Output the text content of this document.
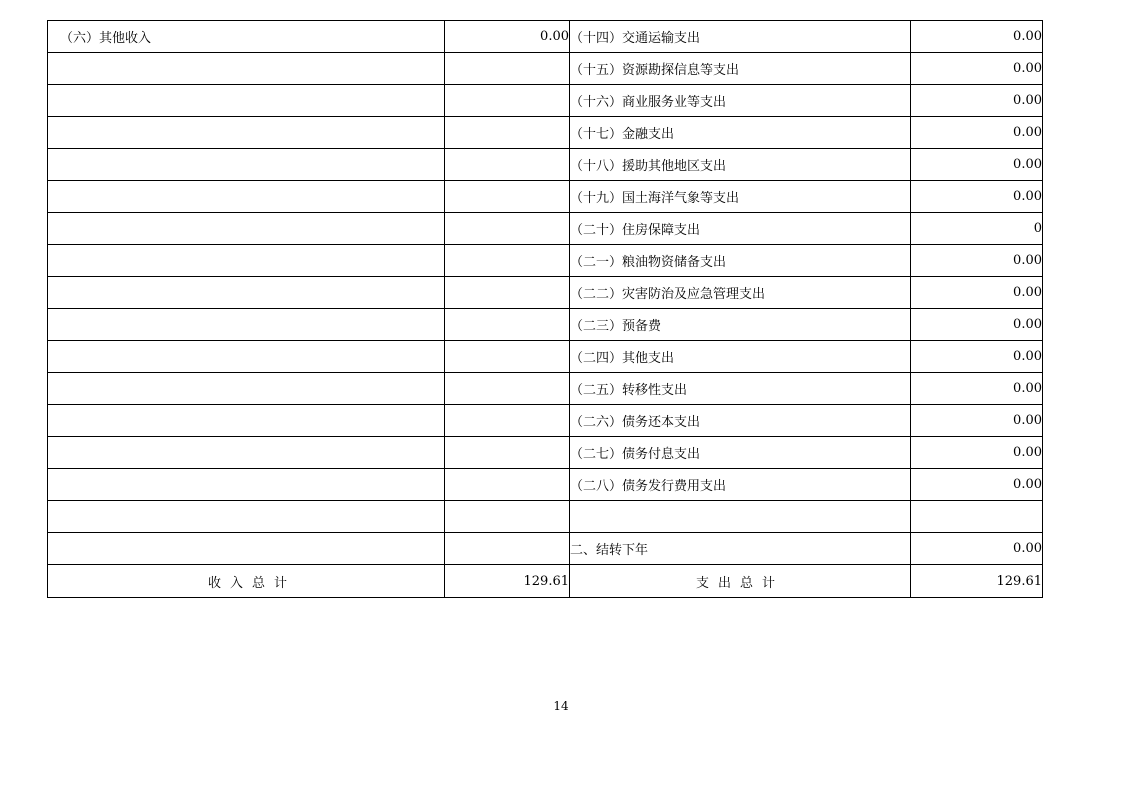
（六）其他收入	0.00	（十四）交通运输支出	0.00
		（十五）资源勘探信息等支出	0.00
		（十六）商业服务业等支出	0.00
		（十七）金融支出	0.00
		（十八）援助其他地区支出	0.00
		（十九）国土海洋气象等支出	0.00
		（二十）住房保障支出	0
		（二一）粮油物资储备支出	0.00
		（二二）灾害防治及应急管理支出	0.00
		（二三）预备费	0.00
		（二四）其他支出	0.00
		（二五）转移性支出	0.00
		（二六）债务还本支出	0.00
		（二七）债务付息支出	0.00
		（二八）债务发行费用支出	0.00

		二、结转下年	0.00
收入总计	129.61	支出总计	129.61
14
